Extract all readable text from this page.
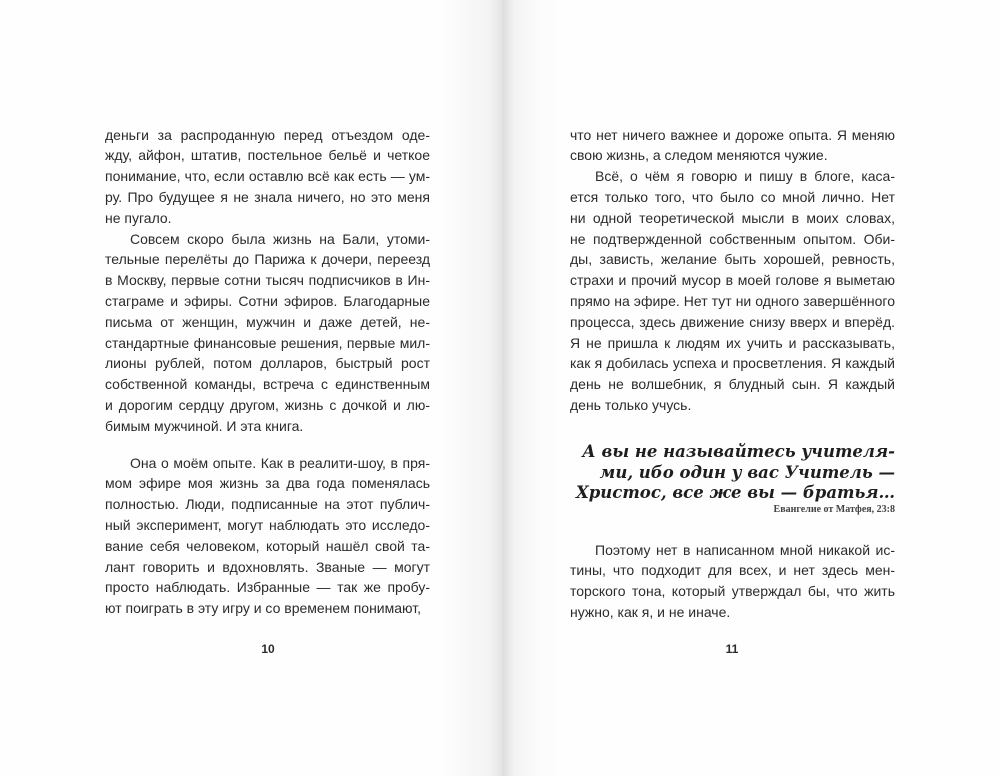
деньги за распроданную перед отъездом оде-
жду, айфон, штатив, постельное бельё и четкое
понимание, что, если оставлю всё как есть — ум-
ру. Про будущее я не знала ничего, но это меня
не пугало.
Совсем скоро была жизнь на Бали, утоми-
тельные перелёты до Парижа к дочери, переезд
в Москву, первые сотни тысяч подписчиков в Ин-
стаграме и эфиры. Сотни эфиров. Благодарные
письма от женщин, мужчин и даже детей, не-
стандартные финансовые решения, первые мил-
лионы рублей, потом долларов, быстрый рост
собственной команды, встреча с единственным
и дорогим сердцу другом, жизнь с дочкой и лю-
бимым мужчиной. И эта книга.
Она о моём опыте. Как в реалити-шоу, в пря-
мом эфире моя жизнь за два года поменялась
полностью. Люди, подписанные на этот публич-
ный эксперимент, могут наблюдать это исследо-
вание себя человеком, который нашёл свой та-
лант говорить и вдохновлять. Званые — могут
просто наблюдать. Избранные — так же пробу-
ют поиграть в эту игру и со временем понимают,
10
что нет ничего важнее и дороже опыта. Я меняю
свою жизнь, а следом меняются чужие.
Всё, о чём я говорю и пишу в блоге, каса-
ется только того, что было со мной лично. Нет
ни одной теоретической мысли в моих словах,
не подтвержденной собственным опытом. Оби-
ды, зависть, желание быть хорошей, ревность,
страхи и прочий мусор в моей голове я выметаю
прямо на эфире. Нет тут ни одного завершённого
процесса, здесь движение снизу вверх и вперёд.
Я не пришла к людям их учить и рассказывать,
как я добилась успеха и просветления. Я каждый
день не волшебник, я блудный сын. Я каждый
день только учусь.
А вы не называйтесь учителя-
ми, ибо один у вас Учитель —
Христос, все же вы — братья…
Евангелие от Матфея, 23:8
Поэтому нет в написанном мной никакой ис-
тины, что подходит для всех, и нет здесь мен-
торского тона, который утверждал бы, что жить
нужно, как я, и не иначе.
11
